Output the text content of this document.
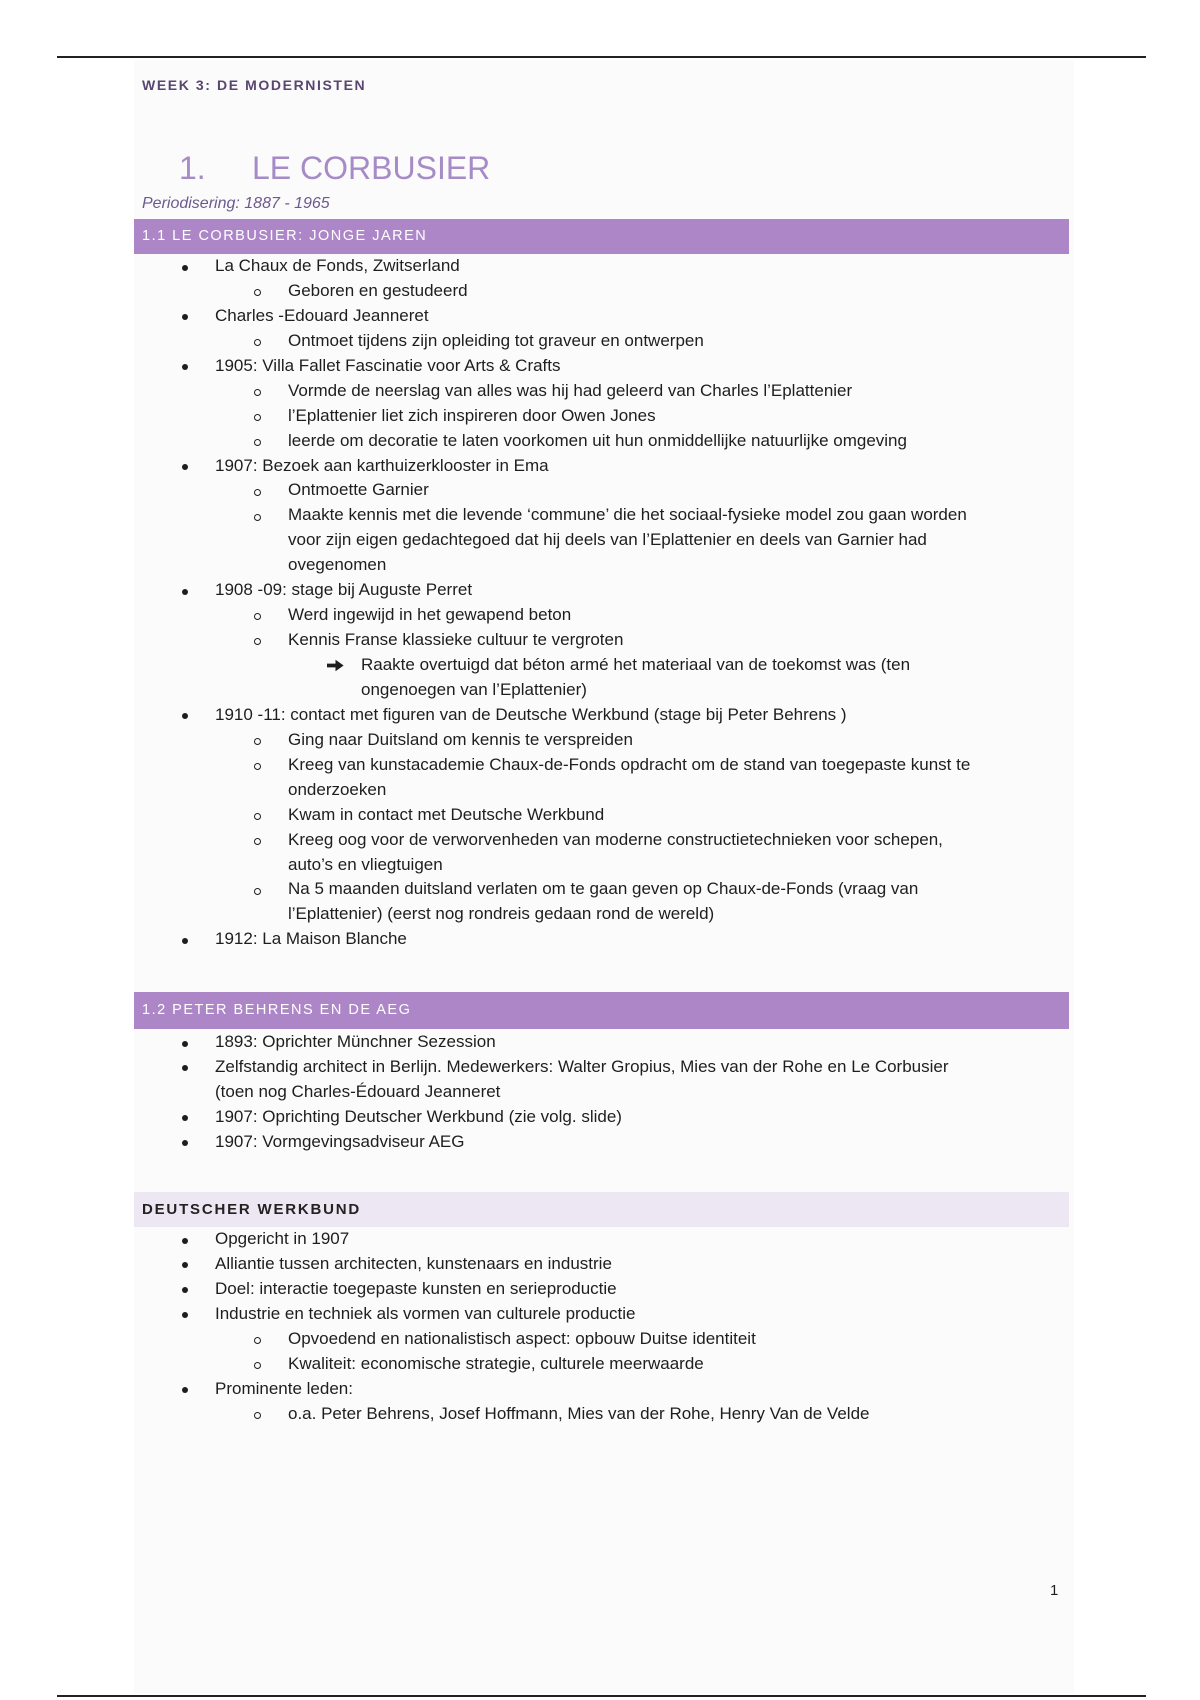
WEEK 3: DE MODERNISTEN
1. LE CORBUSIER
Periodisering: 1887 - 1965
1.1 LE CORBUSIER: JONGE JAREN
La Chaux de Fonds, Zwitserland
Geboren en gestudeerd
Charles -Edouard Jeanneret
Ontmoet tijdens zijn opleiding tot graveur en ontwerpen
1905: Villa Fallet Fascinatie voor Arts & Crafts
Vormde de neerslag van alles was hij had geleerd van Charles l’Eplattenier
l’Eplattenier liet zich inspireren door Owen Jones
leerde om decoratie te laten voorkomen uit hun onmiddellijke natuurlijke omgeving
1907: Bezoek aan karthuizerklooster in Ema
Ontmoette Garnier
Maakte kennis met die levende ‘commune’ die het sociaal-fysieke model zou gaan worden
voor zijn eigen gedachtegoed dat hij deels van l’Eplattenier en deels van Garnier had
ovegenomen
1908 -09: stage bij Auguste Perret
Werd ingewijd in het gewapend beton
Kennis Franse klassieke cultuur te vergroten
Raakte overtuigd dat béton armé het materiaal van de toekomst was (ten
ongenoegen van l’Eplattenier)
1910 -11: contact met figuren van de Deutsche Werkbund (stage bij Peter Behrens )
Ging naar Duitsland om kennis te verspreiden
Kreeg van kunstacademie Chaux-de-Fonds opdracht om de stand van toegepaste kunst te
onderzoeken
Kwam in contact met Deutsche Werkbund
Kreeg oog voor de verworvenheden van moderne constructietechnieken voor schepen,
auto’s en vliegtuigen
Na 5 maanden duitsland verlaten om te gaan geven op Chaux-de-Fonds (vraag van
l’Eplattenier) (eerst nog rondreis gedaan rond de wereld)
1912: La Maison Blanche
1.2 PETER BEHRENS EN DE AEG
1893: Oprichter Münchner Sezession
Zelfstandig architect in Berlijn. Medewerkers: Walter Gropius, Mies van der Rohe en Le Corbusier
(toen nog Charles-Édouard Jeanneret
1907: Oprichting Deutscher Werkbund (zie volg. slide)
1907: Vormgevingsadviseur AEG
DEUTSCHER WERKBUND
Opgericht in 1907
Alliantie tussen architecten, kunstenaars en industrie
Doel: interactie toegepaste kunsten en serieproductie
Industrie en techniek als vormen van culturele productie
Opvoedend en nationalistisch aspect: opbouw Duitse identiteit
Kwaliteit: economische strategie, culturele meerwaarde
Prominente leden:
o.a. Peter Behrens, Josef Hoffmann, Mies van der Rohe, Henry Van de Velde
1
